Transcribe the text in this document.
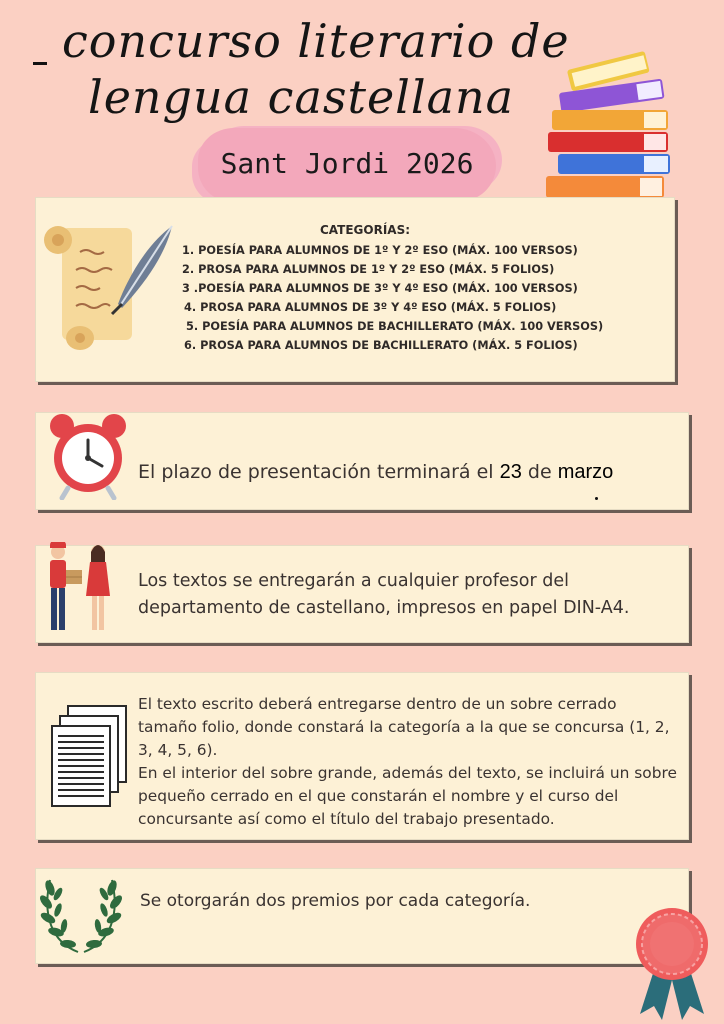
concurso literario de
lengua castellana
Sant Jordi 2026
CATEGORÍAS:
1. POESÍA PARA ALUMNOS DE 1º Y 2º ESO (MÁX. 100 VERSOS)
2. PROSA PARA ALUMNOS DE 1º Y 2º ESO (MÁX. 5 FOLIOS)
3 .POESÍA PARA ALUMNOS DE 3º Y 4º ESO (MÁX. 100 VERSOS)
4. PROSA PARA ALUMNOS DE 3º Y 4º ESO (MÁX. 5 FOLIOS)
5. POESÍA PARA ALUMNOS DE BACHILLERATO (MÁX. 100 VERSOS)
6. PROSA PARA ALUMNOS DE BACHILLERATO (MÁX. 5 FOLIOS)
El plazo de presentación terminará el 23 de marzo
Los textos se entregarán a cualquier profesor del departamento de castellano, impresos en papel DIN-A4.
El texto escrito deberá entregarse dentro de un sobre cerrado tamaño folio, donde constará la categoría a la que se concursa (1, 2, 3, 4, 5, 6).
En el interior del sobre grande, además del texto, se incluirá un sobre pequeño cerrado en el que constarán el nombre y el curso del concursante así como el título del trabajo presentado.
Se otorgarán dos premios por cada categoría.
